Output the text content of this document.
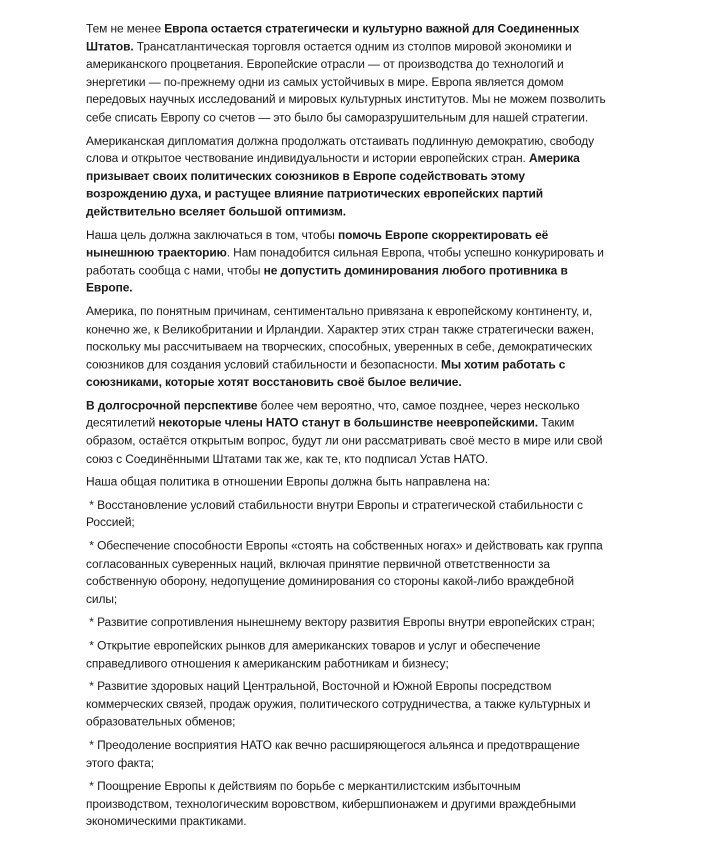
Тем не менее Европа остается стратегически и культурно важной для Соединенных Штатов. Трансатлантическая торговля остается одним из столпов мировой экономики и американского процветания. Европейские отрасли — от производства до технологий и энергетики — по-прежнему одни из самых устойчивых в мире. Европа является домом передовых научных исследований и мировых культурных институтов. Мы не можем позволить себе списать Европу со счетов — это было бы саморазрушительным для нашей стратегии.

Американская дипломатия должна продолжать отстаивать подлинную демократию, свободу слова и открытое чествование индивидуальности и истории европейских стран. Америка призывает своих политических союзников в Европе содействовать этому возрождению духа, и растущее влияние патриотических европейских партий действительно вселяет большой оптимизм.

Наша цель должна заключаться в том, чтобы помочь Европе скорректировать её нынешнюю траекторию. Нам понадобится сильная Европа, чтобы успешно конкурировать и работать сообща с нами, чтобы не допустить доминирования любого противника в Европе.

Америка, по понятным причинам, сентиментально привязана к европейскому континенту, и, конечно же, к Великобритании и Ирландии. Характер этих стран также стратегически важен, поскольку мы рассчитываем на творческих, способных, уверенных в себе, демократических союзников для создания условий стабильности и безопасности. Мы хотим работать с союзниками, которые хотят восстановить своё былое величие.

В долгосрочной перспективе более чем вероятно, что, самое позднее, через несколько десятилетий некоторые члены НАТО станут в большинстве неевропейскими. Таким образом, остаётся открытым вопрос, будут ли они рассматривать своё место в мире или свой союз с Соединёнными Штатами так же, как те, кто подписал Устав НАТО.

Наша общая политика в отношении Европы должна быть направлена на:

* Восстановление условий стабильности внутри Европы и стратегической стабильности с Россией;

* Обеспечение способности Европы «стоять на собственных ногах» и действовать как группа согласованных суверенных наций, включая принятие первичной ответственности за собственную оборону, недопущение доминирования со стороны какой-либо враждебной силы;

* Развитие сопротивления нынешнему вектору развития Европы внутри европейских стран;

* Открытие европейских рынков для американских товаров и услуг и обеспечение справедливого отношения к американским работникам и бизнесу;

* Развитие здоровых наций Центральной, Восточной и Южной Европы посредством коммерческих связей, продаж оружия, политического сотрудничества, а также культурных и образовательных обменов;

* Преодоление восприятия НАТО как вечно расширяющегося альянса и предотвращение этого факта;

* Поощрение Европы к действиям по борьбе с меркантилистским избыточным производством, технологическим воровством, кибершпионажем и другими враждебными экономическими практиками.
